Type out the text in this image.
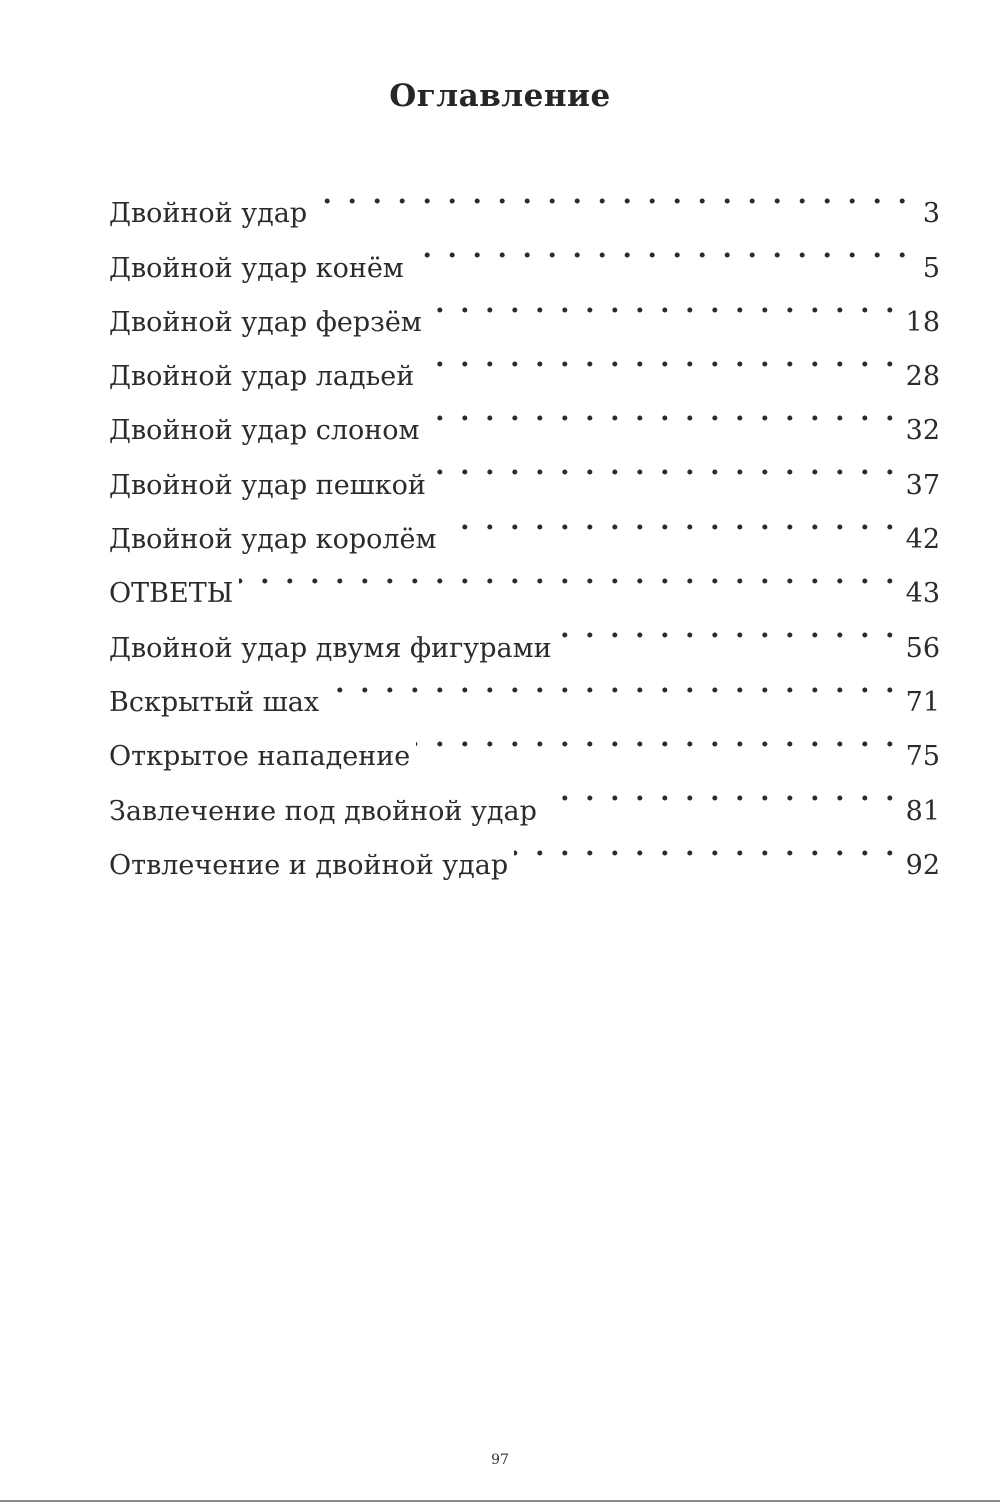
Оглавление
Двойной удар . . .	3
Двойной удар конём . . .	5
Двойной удар ферзём . . .	18
Двойной удар ладьей . . .	28
Двойной удар слоном . . .	32
Двойной удар пешкой . . .	37
Двойной удар королём . . .	42
ОТВЕТЫ . . .	43
Двойной удар двумя фигурами . . .	56
Вскрытый шах . . .	71
Открытое нападение . . .	75
Завлечение под двойной удар . . .	81
Отвлечение и двойной удар . . .	92
97
